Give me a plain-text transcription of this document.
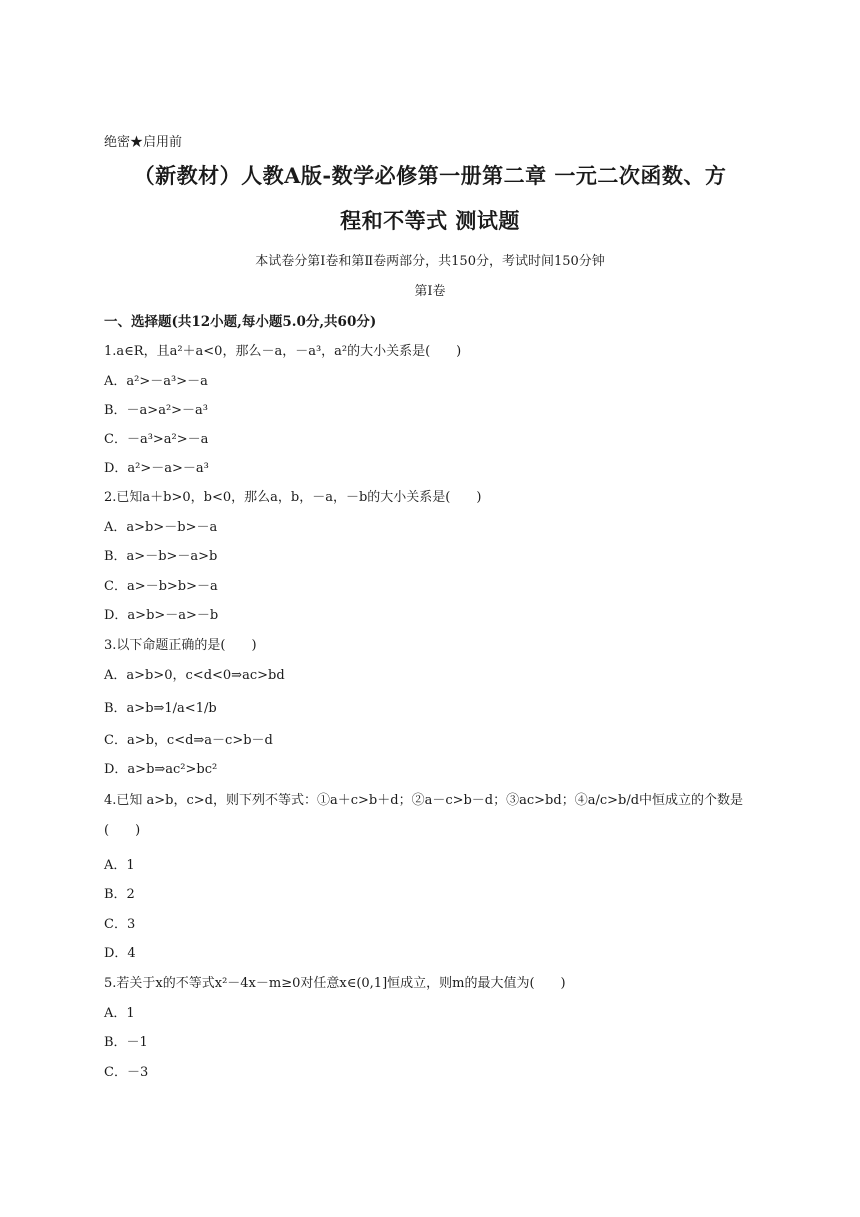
绝密★启用前
（新教材）人教A版-数学必修第一册第二章 一元二次函数、方
程和不等式 测试题
本试卷分第Ⅰ卷和第Ⅱ卷两部分，共150分，考试时间150分钟
第Ⅰ卷
一、选择题(共12小题,每小题5.0分,共60分)
1.a∈R，且a²＋a<0，那么－a，－a³，a²的大小关系是(　　)
A．a²>－a³>－a
B．－a>a²>－a³
C．－a³>a²>－a
D．a²>－a>－a³
2.已知a＋b>0，b<0，那么a，b，－a，－b的大小关系是(　　)
A．a>b>－b>－a
B．a>－b>－a>b
C．a>－b>b>－a
D．a>b>－a>－b
3.以下命题正确的是(　　)
A．a>b>0，c<d<0⇒ac>bd
B．a>b⇒1/a<1/b
C．a>b，c<d⇒a－c>b－d
D．a>b⇒ac²>bc²
4.已知 a>b，c>d，则下列不等式：①a＋c>b＋d；②a－c>b－d；③ac>bd；④a/c>b/d中恒成立的个数是(　　)
A．1
B．2
C．3
D．4
5.若关于x的不等式x²－4x－m≥0对任意x∈(0,1]恒成立，则m的最大值为(　　)
A．1
B．－1
C．－3
